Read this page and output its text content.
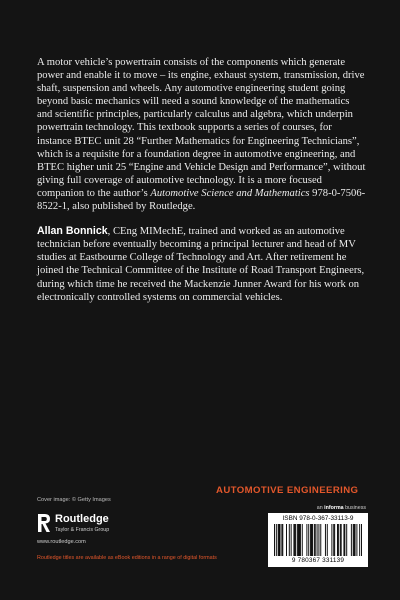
A motor vehicle’s powertrain consists of the components which generate power and enable it to move – its engine, exhaust system, transmission, drive shaft, suspension and wheels. Any automotive engineering student going beyond basic mechanics will need a sound knowledge of the mathematics and scientific principles, particularly calculus and algebra, which underpin powertrain technology. This textbook supports a series of courses, for instance BTEC unit 28 “Further Mathematics for Engineering Technicians”, which is a requisite for a foundation degree in automotive engineering, and BTEC higher unit 25 “Engine and Vehicle Design and Performance”, without giving full coverage of automotive technology. It is a more focused companion to the author’s Automotive Science and Mathematics 978-0-7506-8522-1, also published by Routledge.

Allan Bonnick, CEng MIMechE, trained and worked as an automotive technician before eventually becoming a principal lecturer and head of MV studies at Eastbourne College of Technology and Art. After retirement he joined the Technical Committee of the Institute of Road Transport Engineers, during which time he received the Mackenzie Junner Award for his work on electronically controlled systems on commercial vehicles.

AUTOMOTIVE ENGINEERING
Cover image: © Getty Images
an informa business
Routledge
Taylor & Francis Group
www.routledge.com
Routledge titles are available as eBook editions in a range of digital formats
ISBN 978-0-367-33113-9
9 780367 331139
